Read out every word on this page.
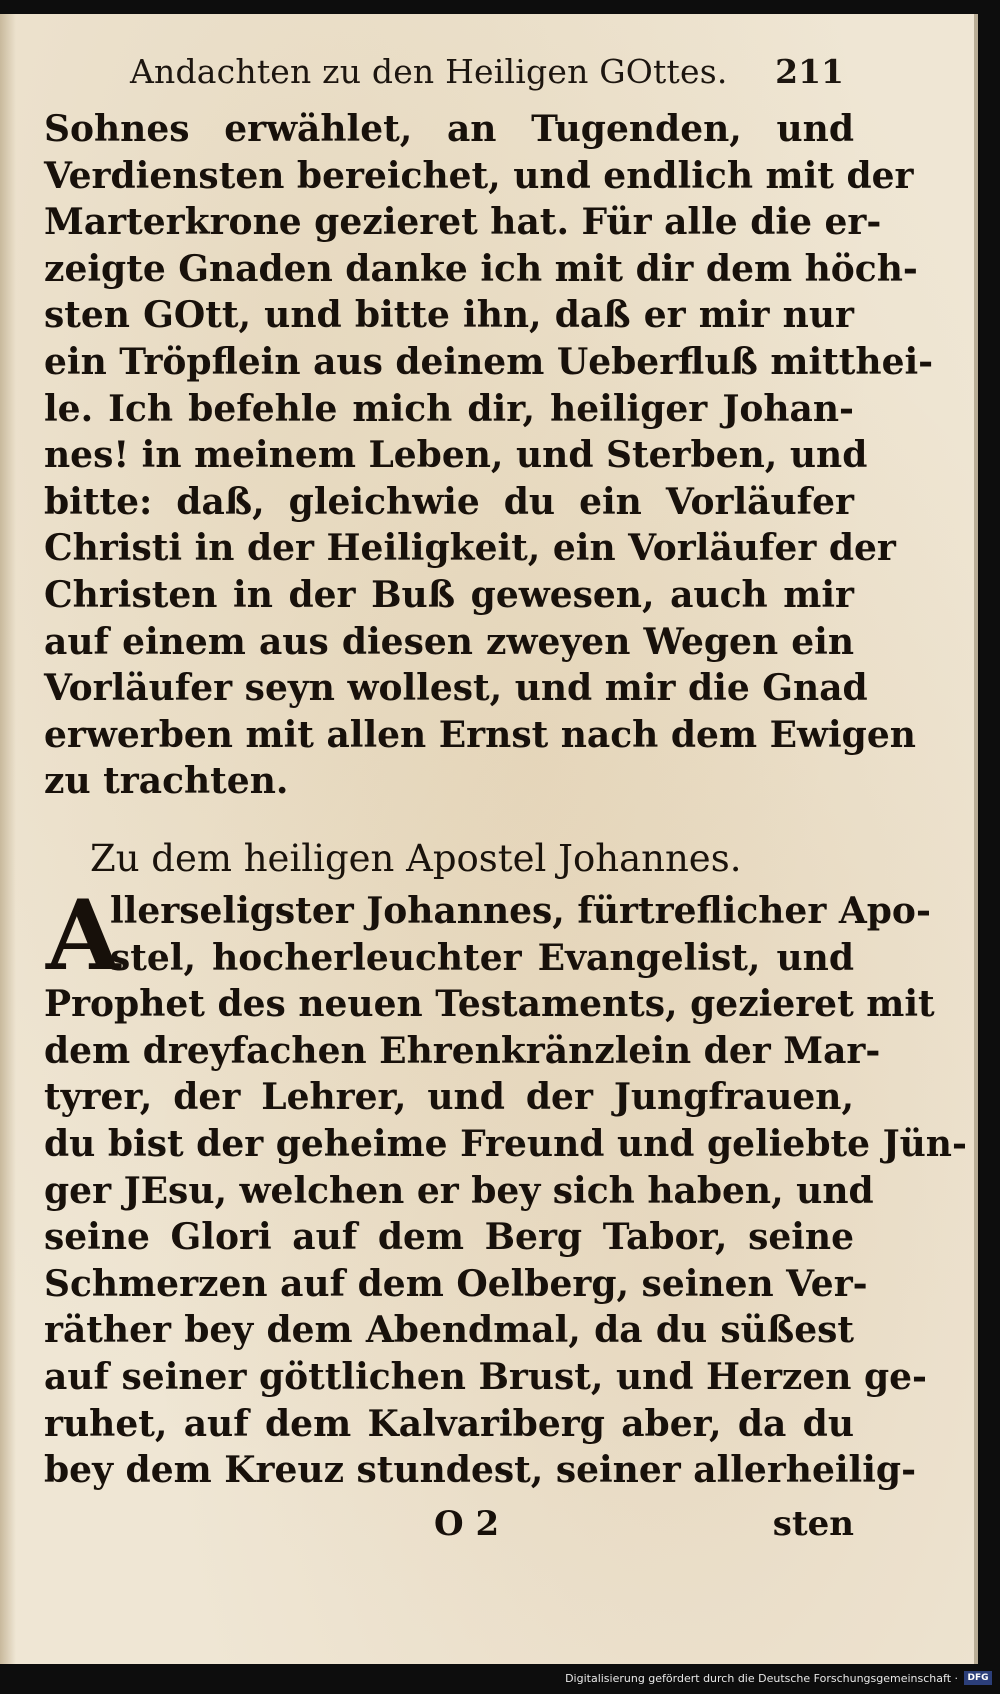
Andachten zu den Heiligen GOttes. 211
Sohnes erwählet, an Tugenden, und
Verdiensten bereichet, und endlich mit der
Marterkrone gezieret hat. Für alle die er-
zeigte Gnaden danke ich mit dir dem höch-
sten GOtt, und bitte ihn, daß er mir nur
ein Tröpflein aus deinem Ueberfluß mitthei-
le. Ich befehle mich dir, heiliger Johan-
nes! in meinem Leben, und Sterben, und
bitte: daß, gleichwie du ein Vorläufer
Christi in der Heiligkeit, ein Vorläufer der
Christen in der Buß gewesen, auch mir
auf einem aus diesen zweyen Wegen ein
Vorläufer seyn wollest, und mir die Gnad
erwerben mit allen Ernst nach dem Ewigen
zu trachten.
Zu dem heiligen Apostel Johannes.
A
llerseligster Johannes, fürtreflicher Apo-
stel, hocherleuchter Evangelist, und
Prophet des neuen Testaments, gezieret mit
dem dreyfachen Ehrenkränzlein der Mar-
tyrer, der Lehrer, und der Jungfrauen,
du bist der geheime Freund und geliebte Jün-
ger JEsu, welchen er bey sich haben, und
seine Glori auf dem Berg Tabor, seine
Schmerzen auf dem Oelberg, seinen Ver-
räther bey dem Abendmal, da du süßest
auf seiner göttlichen Brust, und Herzen ge-
ruhet, auf dem Kalvariberg aber, da du
bey dem Kreuz stundest, seiner allerheilig-
O 2	sten
Digitalisierung gefördert durch die Deutsche Forschungsgemeinschaft ·	DFG
